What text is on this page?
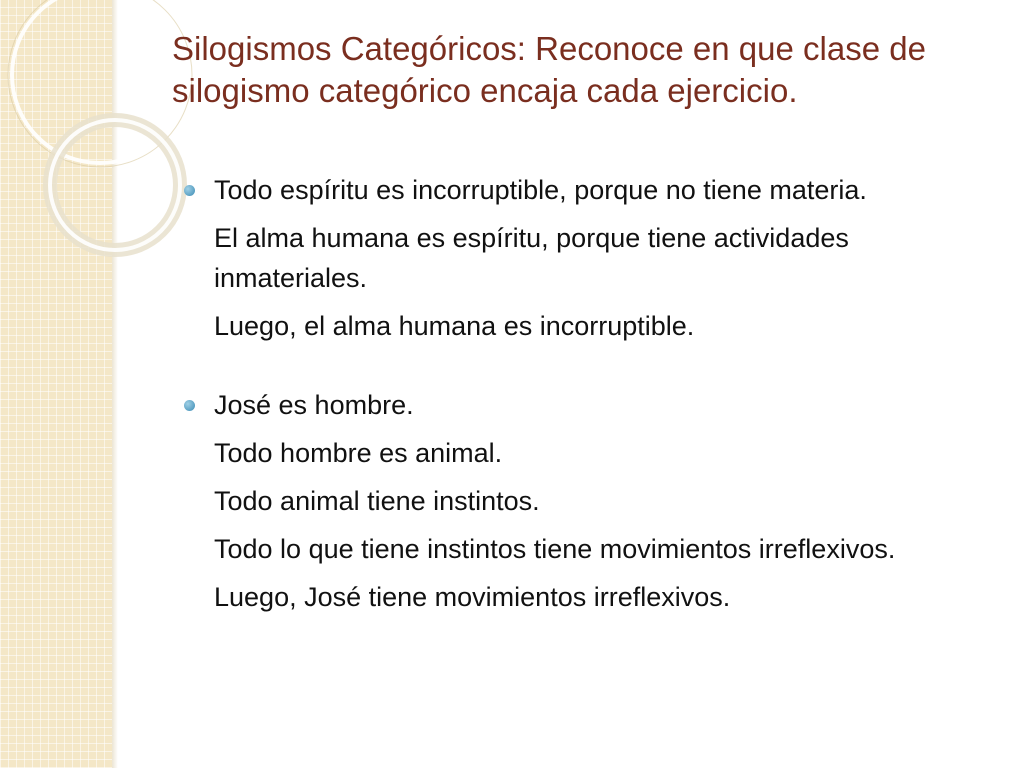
Silogismos Categóricos: Reconoce en que clase de silogismo categórico encaja cada ejercicio.

Todo espíritu es incorruptible, porque no tiene materia.

El alma humana es espíritu, porque tiene actividades inmateriales.

Luego, el alma humana es incorruptible.

José es hombre.

Todo hombre es animal.

Todo animal tiene instintos.

Todo lo que tiene instintos tiene movimientos irreflexivos.

Luego, José tiene movimientos irreflexivos.
